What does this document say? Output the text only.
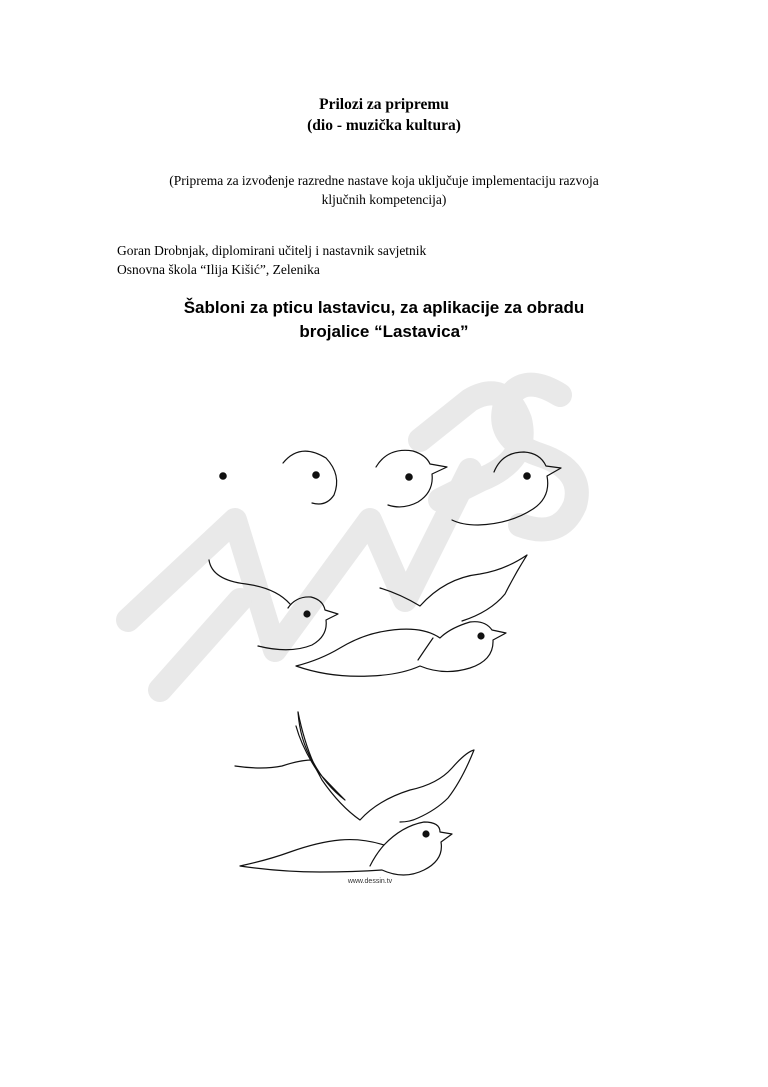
Prilozi za pripremu
(dio - muzička kultura)
(Priprema za izvođenje razredne nastave koja uključuje implementaciju razvoja
ključnih kompetencija)
Goran Drobnjak, diplomirani učitelj i nastavnik savjetnik
Osnovna škola “Ilija Kišić”, Zelenika
Šabloni za pticu lastavicu, za aplikacije za obradu
brojalice “Lastavica”
www.dessin.tv
